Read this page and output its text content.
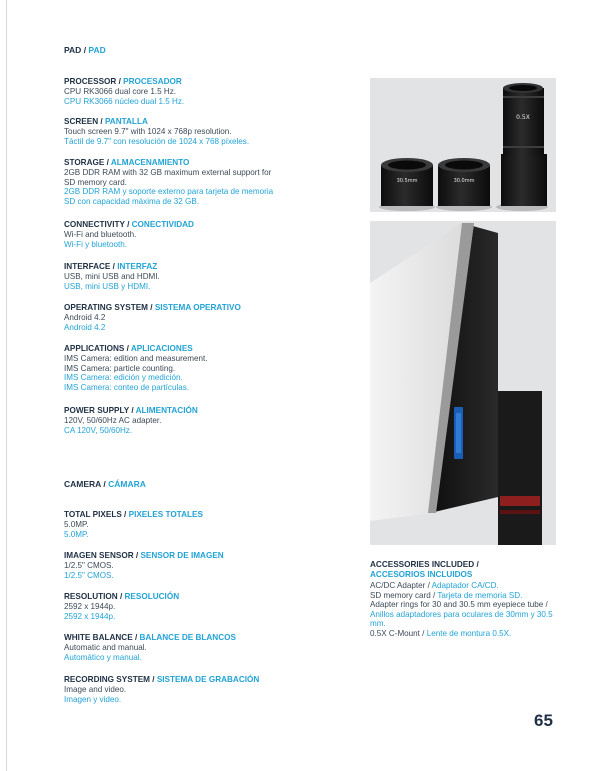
PAD / PAD
PROCESSOR / PROCESADOR
CPU RK3066 dual core 1.5 Hz.
CPU RK3066 núcleo dual 1.5 Hz.
SCREEN / PANTALLA
Touch screen 9.7" with 1024 x 768p resolution.
Táctil de 9.7" con resolución de 1024 x 768 píxeles.
STORAGE / ALMACENAMIENTO
2GB DDR RAM with 32 GB maximum external support for
SD memory card.
2GB DDR RAM y soporte externo para tarjeta de memoria
SD con capacidad máxima de 32 GB.
CONNECTIVITY / CONECTIVIDAD
Wi-Fi and bluetooth.
Wi-Fi y bluetooth.
INTERFACE / INTERFAZ
USB, mini USB and HDMI.
USB, mini USB y HDMI.
OPERATING SYSTEM / SISTEMA OPERATIVO
Android 4.2
Android 4.2
APPLICATIONS / APLICACIONES
IMS Camera: edition and measurement.
IMS Camera: particle counting.
IMS Camera: edición y medición.
IMS Camera: conteo de partículas.
POWER SUPPLY / ALIMENTACIÓN
120V, 50/60Hz AC adapter.
CA 120V, 50/60Hz.
CAMERA / CÁMARA
TOTAL PIXELS / PIXELES TOTALES
5.0MP.
5.0MP.
IMAGEN SENSOR / SENSOR DE IMAGEN
1/2.5" CMOS.
1/2.5" CMOS.
RESOLUTION / RESOLUCIÓN
2592 x 1944p.
2592 x 1944p.
WHITE BALANCE / BALANCE DE BLANCOS
Automatic and manual.
Automático y manual.
RECORDING SYSTEM / SISTEMA DE GRABACIÓN
Image and video.
Imagen y video.
30.5mm	30.0mm
0.5X
ACCESSORIES INCLUDED /
ACCESORIOS INCLUIDOS
AC/DC Adapter / Adaptador CA/CD.
SD memory card / Tarjeta de memoria SD.
Adapter rings for 30 and 30.5 mm eyepiece tube / Anillos adaptadores para oculares de 30mm y 30.5 mm.
0.5X C-Mount / Lente de montura 0.5X.
65
